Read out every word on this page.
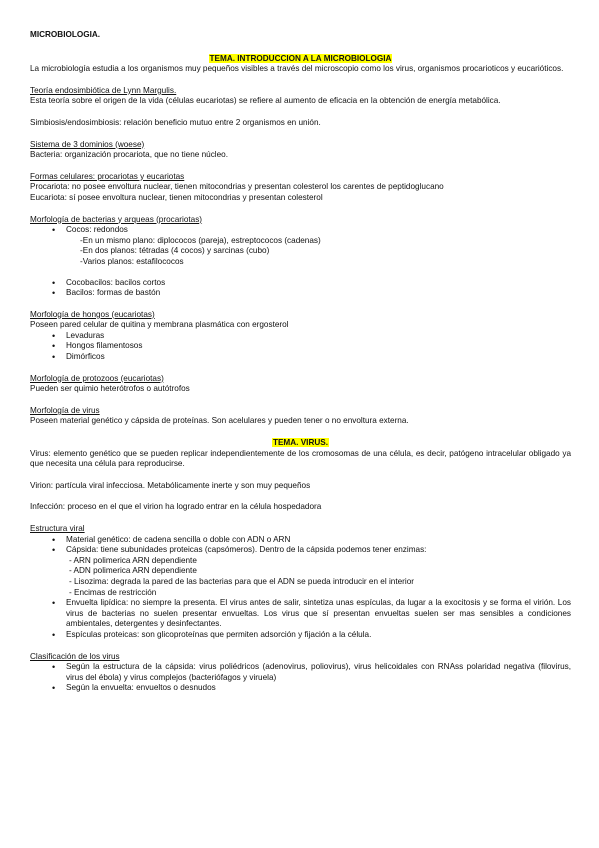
MICROBIOLOGIA.

TEMA. INTRODUCCION A LA MICROBIOLOGIA

La microbiología estudia a los organismos muy pequeños visibles a través del microscopio como los virus, organismos procarioticos y eucarióticos.

Teoría endosimbiótica de Lynn Margulis.

Esta teoría sobre el origen de la vida (células eucariotas) se refiere al aumento de eficacia en la obtención de energía metabólica.

Simbiosis/endosimbiosis: relación beneficio mutuo entre 2 organismos en unión.

Sistema de 3 dominios (woese)

Bacteria: organización procariota, que no tiene núcleo.

Formas celulares: procariotas y eucariotas

Procariota: no posee envoltura nuclear, tienen mitocondrias y presentan colesterol los carentes de peptidoglucano

Eucariota: sí posee envoltura nuclear, tienen mitocondrias y presentan colesterol

Morfología de bacterias y arqueas (procariotas)

• Cocos: redondos
-En un mismo plano: diplococos (pareja), estreptococos (cadenas)
-En dos planos: tétradas (4 cocos) y sarcinas (cubo)
-Varios planos: estafilococos
• Cocobacilos: bacilos cortos
• Bacilos: formas de bastón

Morfología de hongos (eucariotas)

Poseen pared celular de quitina y membrana plasmática con ergosterol

• Levaduras
• Hongos filamentosos
• Dimórficos

Morfología de protozoos (eucariotas)

Pueden ser quimio heterótrofos o autótrofos

Morfología de virus

Poseen material genético y cápsida de proteínas. Son acelulares y pueden tener o no envoltura externa.

TEMA. VIRUS.

Virus: elemento genético que se pueden replicar independientemente de los cromosomas de una célula, es decir, patógeno intracelular obligado ya que necesita una célula para reproducirse.

Virion: partícula viral infecciosa. Metabólicamente inerte y son muy pequeños

Infección: proceso en el que el virion ha logrado entrar en la célula hospedadora

Estructura viral

• Material genético: de cadena sencilla o doble con ADN o ARN
• Cápsida: tiene subunidades proteicas (capsómeros). Dentro de la cápsida podemos tener enzimas:
- ARN polimerica ARN dependiente
- ADN polimerica ARN dependiente
- Lisozima: degrada la pared de las bacterias para que el ADN se pueda introducir en el interior
- Encimas de restricción
• Envuelta lipídica: no siempre la presenta. El virus antes de salir, sintetiza unas espículas, da lugar a la exocitosis y se forma el virión. Los virus de bacterias no suelen presentar envueltas. Los virus que sí presentan envueltas suelen ser mas sensibles a condiciones ambientales, detergentes y desinfectantes.
• Espículas proteicas: son glicoproteínas que permiten adsorción y fijación a la célula.

Clasificación de los virus

• Según la estructura de la cápsida: virus poliédricos (adenovirus, poliovirus), virus helicoidales con RNAss polaridad negativa (filovirus, virus del ébola) y virus complejos (bacteriófagos y viruela)
• Según la envuelta: envueltos o desnudos
